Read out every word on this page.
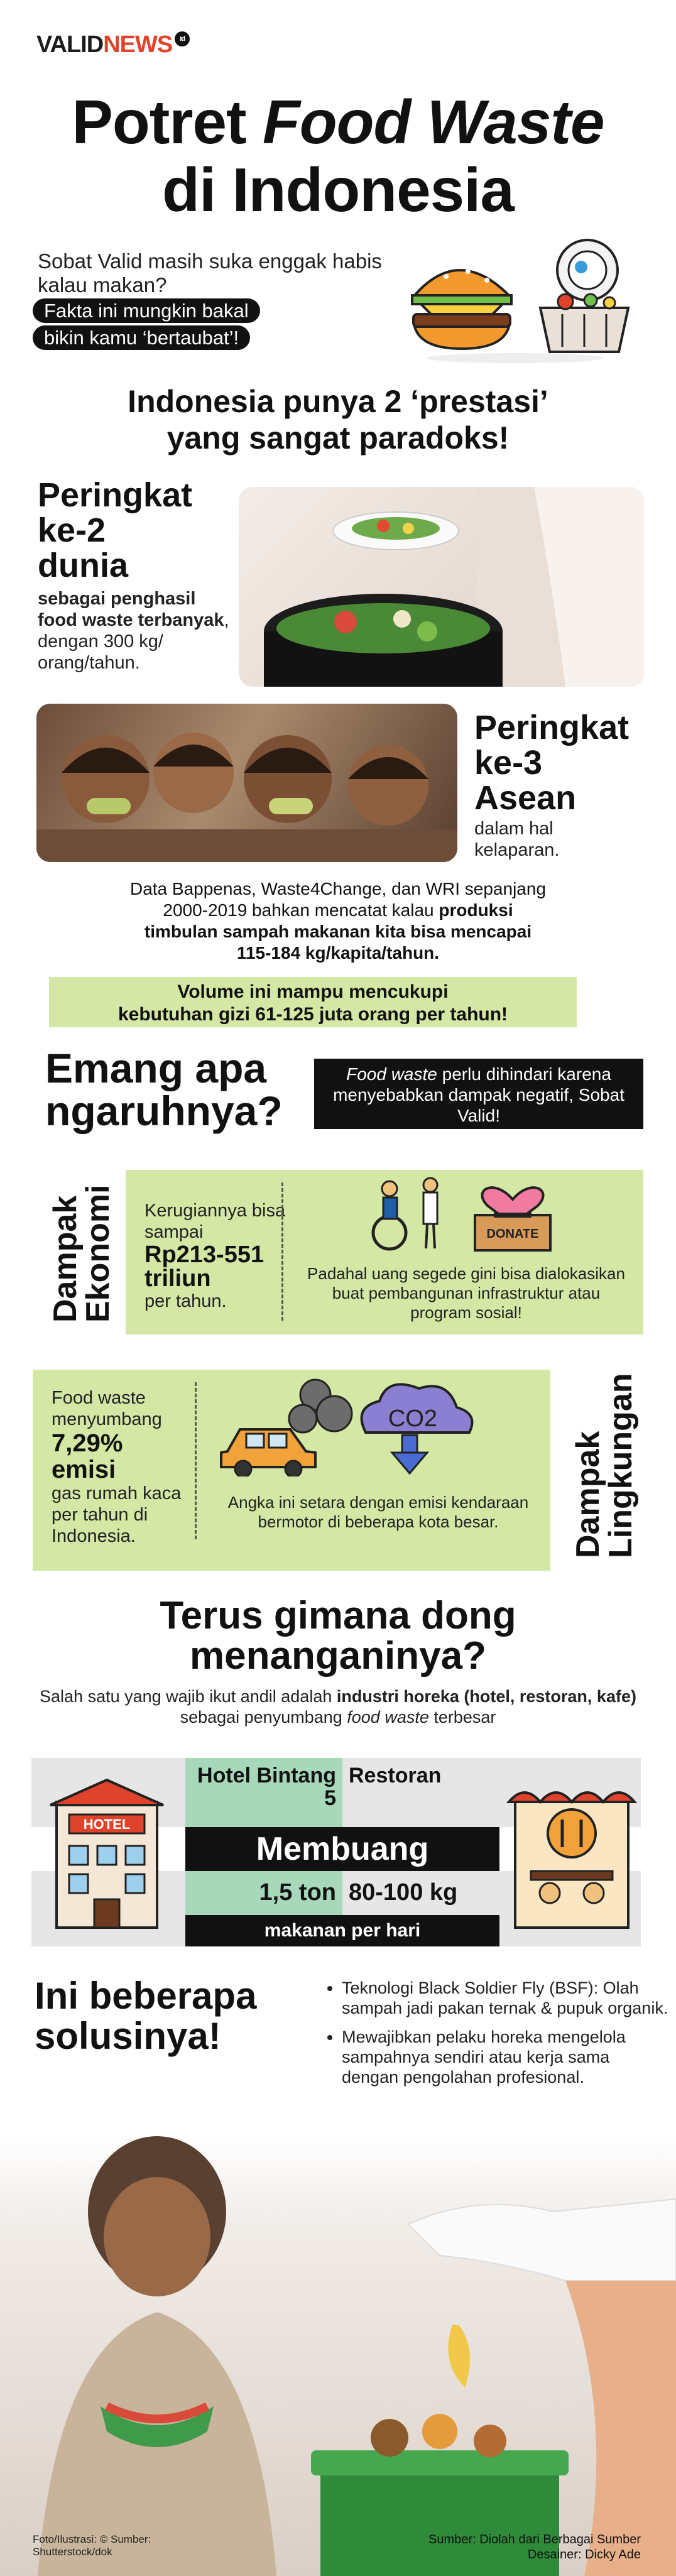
VALIDNEWS id
Potret Food Waste
di Indonesia
Sobat Valid masih suka enggak habis kalau makan?
Fakta ini mungkin bakal
bikin kamu ‘bertaubat’!
Indonesia punya 2 ‘prestasi’
yang sangat paradoks!
Peringkat
ke-2
dunia
sebagai penghasil food waste terbanyak, dengan 300 kg/ orang/tahun.
Peringkat
ke-3
Asean
dalam hal kelaparan.
Data Bappenas, Waste4Change, dan WRI sepanjang 2000-2019 bahkan mencatat kalau produksi timbulan sampah makanan kita bisa mencapai 115-184 kg/kapita/tahun.
Volume ini mampu mencukupi
kebutuhan gizi 61-125 juta orang per tahun!
Emang apa
ngaruhnya?
Food waste perlu dihindari karena menyebabkan dampak negatif, Sobat Valid!
Dampak Ekonomi Kerugiannya bisa sampai
Rp213-551 triliun
per tahun.
DONATE
Padahal uang segede gini bisa dialokasikan buat pembangunan infrastruktur atau program sosial!
Food waste menyumbang
7,29% emisi
gas rumah kaca per tahun di Indonesia.
CO2
Angka ini setara dengan emisi kendaraan bermotor di beberapa kota besar.	Dampak Lingkungan
Terus gimana dong
menanganinya?
Salah satu yang wajib ikut andil adalah industri horeka (hotel, restoran, kafe) sebagai penyumbang food waste terbesar
Hotel Bintang 5
Restoran
Membuang
1,5 ton 80-100 kg
makanan per hari
HOTEL
Ini beberapa
solusinya!
• Teknologi Black Soldier Fly (BSF): Olah sampah jadi pakan ternak & pupuk organik.
• Mewajibkan pelaku horeka mengelola sampahnya sendiri atau kerja sama dengan pengolahan profesional.
Foto/Ilustrasi: © Sumber:
Shutterstock/dok
Sumber: Diolah dari Berbagai Sumber
Desainer: Dicky Ade
